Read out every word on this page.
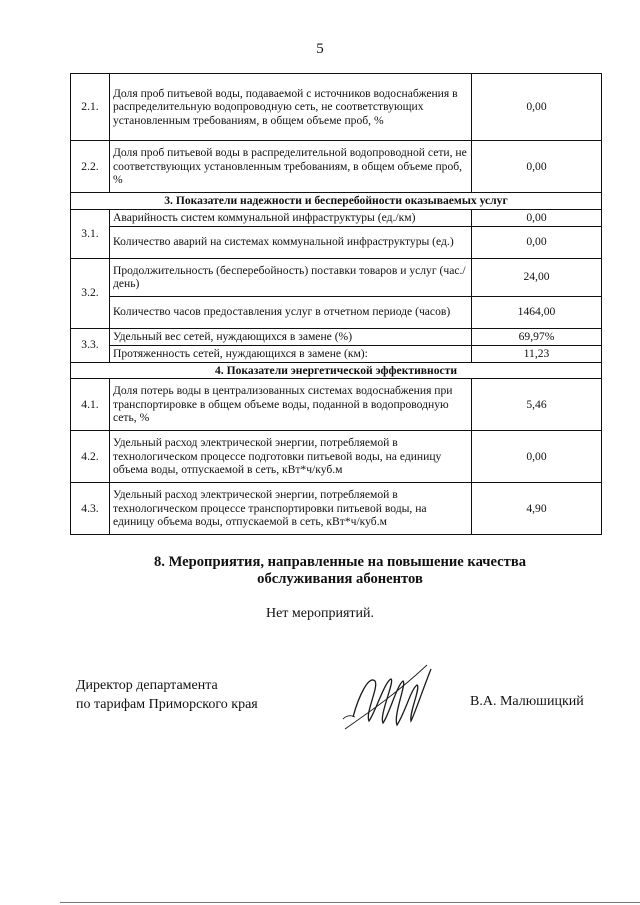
5
2.1.	Доля проб питьевой воды, подаваемой с источников водоснабжения в распределительную водопроводную сеть, не соответствующих установленным требованиям, в общем объеме проб, %	0,00
2.2.	Доля проб питьевой воды в распределительной водопроводной сети, не соответствующих установленным требованиям, в общем объеме проб, %	0,00
3. Показатели надежности и бесперебойности оказываемых услуг		
3.1.	Аварийность систем коммунальной инфраструктуры (ед./км)	0,00
	Количество аварий на системах коммунальной инфраструктуры (ед.)	0,00
3.2.	Продолжительность (бесперебойность) поставки товаров и услуг (час./день)	24,00
	Количество часов предоставления услуг в отчетном периоде (часов)	1464,00
3.3.	Удельный вес сетей, нуждающихся в замене (%)	69,97%
	Протяженность сетей, нуждающихся в замене (км):	11,23
4. Показатели энергетической эффективности		
4.1.	Доля потерь воды в централизованных системах водоснабжения при транспортировке в общем объеме воды, поданной в водопроводную сеть, %	5,46
4.2.	Удельный расход электрической энергии, потребляемой в технологическом процессе подготовки питьевой воды, на единицу объема воды, отпускаемой в сеть, кВт*ч/куб.м	0,00
4.3.	Удельный расход электрической энергии, потребляемой в технологическом процессе транспортировки питьевой воды, на единицу объема воды, отпускаемой в сеть, кВт*ч/куб.м	4,90
8. Мероприятия, направленные на повышение качества обслуживания абонентов
Нет мероприятий.
Директор департамента
по тарифам Приморского края	В.А. Малюшицкий
